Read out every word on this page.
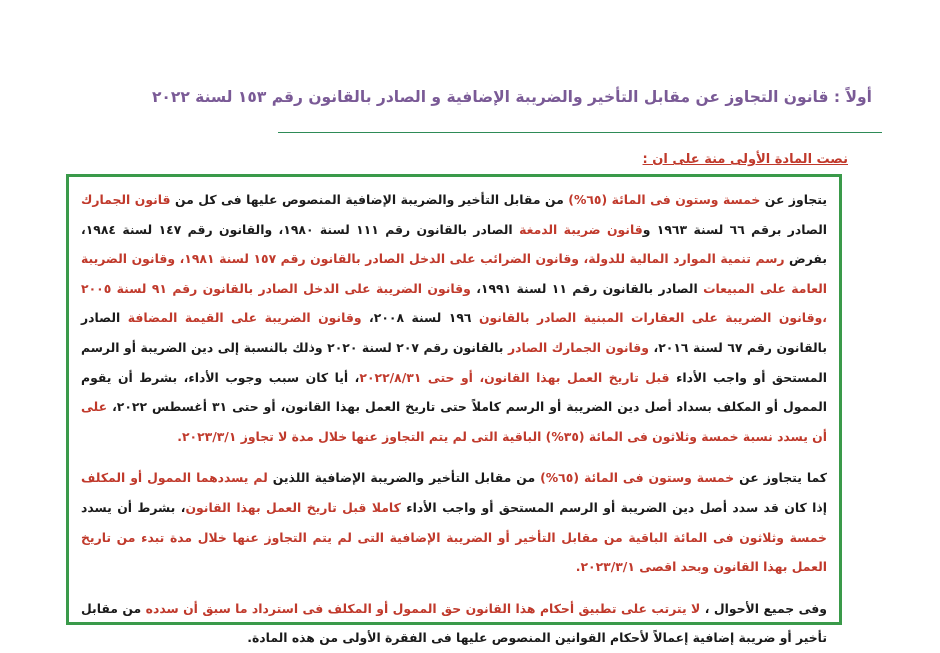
أولاً : قانون التجاوز عن مقابل التأخير والضريبة الإضافية و الصادر بالقانون رقم ١٥٣ لسنة ٢٠٢٢
نصت المادة الأولى منة على ان :

يتجاوز عن خمسة وستون فى المائة (٦٥%) من مقابل التأخير والضريبة الإضافية المنصوص عليها فى كل من قانون الجمارك الصادر برقم ٦٦ لسنة ١٩٦٣ وقانون ضريبة الدمغة الصادر بالقانون رقم ١١١ لسنة ١٩٨٠، والقانون رقم ١٤٧ لسنة ١٩٨٤، بفرض رسم تنمية الموارد المالية للدولة، وقانون الضرائب على الدخل الصادر بالقانون رقم ١٥٧ لسنة ١٩٨١، وقانون الضريبة العامة على المبيعات الصادر بالقانون رقم ١١ لسنة ١٩٩١، وقانون الضريبة على الدخل الصادر بالقانون رقم ٩١ لسنة ٢٠٠٥ ،وقانون الضريبة على العقارات المبنية الصادر بالقانون ١٩٦ لسنة ٢٠٠٨، وقانون الضريبة على القيمة المضافة الصادر بالقانون رقم ٦٧ لسنة ٢٠١٦، وقانون الجمارك الصادر بالقانون رقم ٢٠٧ لسنة ٢٠٢٠ وذلك بالنسبة إلى دين الضريبة أو الرسم المستحق أو واجب الأداء قبل تاريخ العمل بهذا القانون، أو حتى ٢٠٢٢/٨/٣١، أيا كان سبب وجوب الأداء، بشرط أن يقوم الممول أو المكلف بسداد أصل دين الضريبة أو الرسم كاملاً حتى تاريخ العمل بهذا القانون، أو حتى ٣١ أغسطس ٢٠٢٢، على أن يسدد نسبة خمسة وثلاثون فى المائة (٣٥%) الباقية التى لم يتم التجاوز عنها خلال مدة لا تجاوز ٢٠٢٣/٣/١.

كما يتجاوز عن خمسة وستون فى المائة (٦٥%) من مقابل التأخير والضريبة الإضافية اللذين لم يسددهما الممول أو المكلف إذا كان قد سدد أصل دين الضريبة أو الرسم المستحق أو واجب الأداء كاملا قبل تاريخ العمل بهذا القانون، بشرط أن يسدد خمسة وثلاثون فى المائة الباقية من مقابل التأخير أو الضريبة الإضافية التى لم يتم التجاوز عنها خلال مدة تبدء من تاريخ العمل بهذا القانون وبحد اقصى ٢٠٢٣/٣/١.

وفى جميع الأحوال ، لا يترتب على تطبيق أحكام هذا القانون حق الممول أو المكلف فى استرداد ما سبق أن سدده من مقابل تأخير أو ضريبة إضافية إعمالاً لأحكام القوانين المنصوص عليها فى الفقرة الأولى من هذه المادة.
